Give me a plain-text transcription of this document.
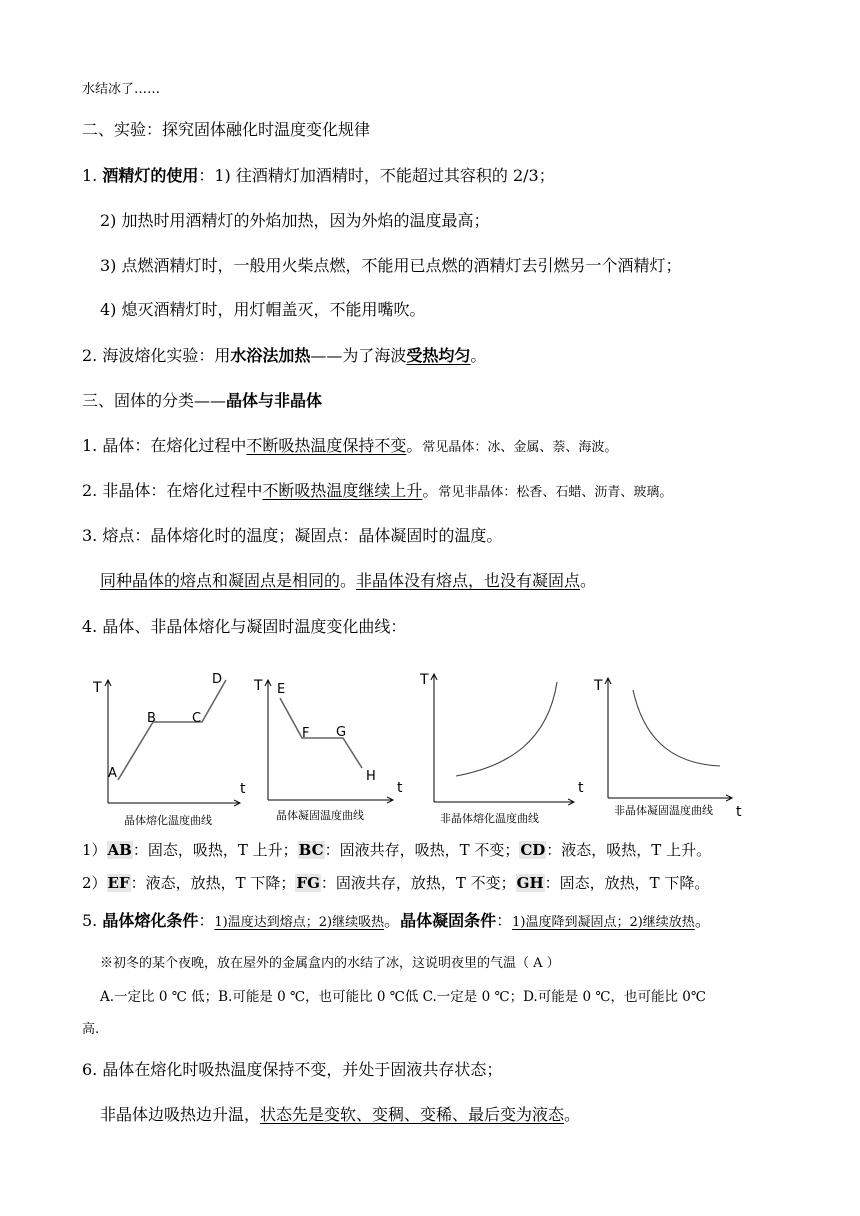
水结冰了……
二、实验：探究固体融化时温度变化规律
1. 酒精灯的使用：1) 往酒精灯加酒精时，不能超过其容积的 2/3；
2) 加热时用酒精灯的外焰加热，因为外焰的温度最高；
3) 点燃酒精灯时，一般用火柴点燃，不能用已点燃的酒精灯去引燃另一个酒精灯；
4) 熄灭酒精灯时，用灯帽盖灭，不能用嘴吹。
2. 海波熔化实验：用水浴法加热——为了海波受热均匀。
三、固体的分类——晶体与非晶体
1. 晶体：在熔化过程中不断吸热温度保持不变。常见晶体：冰、金属、萘、海波。
2. 非晶体：在熔化过程中不断吸热温度继续上升。常见非晶体：松香、石蜡、沥青、玻璃。
3. 熔点：晶体熔化时的温度；凝固点：晶体凝固时的温度。
同种晶体的熔点和凝固点是相同的。非晶体没有熔点，也没有凝固点。
4. 晶体、非晶体熔化与凝固时温度变化曲线：
T
t
A
B	C
D
晶体熔化温度曲线
T
t
E
F G
H
晶体凝固温度曲线
T
t
非晶体熔化温度曲线
T
t
非晶体凝固温度曲线
1）AB：固态，吸热，T 上升；BC：固液共存，吸热，T 不变；CD：液态，吸热，T 上升。
2）EF：液态，放热，T 下降；FG：固液共存，放热，T 不变；GH：固态，放热，T 下降。
5. 晶体熔化条件：1)温度达到熔点；2)继续吸热。晶体凝固条件：1)温度降到凝固点；2)继续放热。
※初冬的某个夜晚，放在屋外的金属盒内的水结了冰，这说明夜里的气温（ A ）
A.一定比 0 ℃ 低；B.可能是 0 ℃，也可能比 0 ℃低 C.一定是 0 ℃；D.可能是 0 ℃，也可能比 0℃
高.
6. 晶体在熔化时吸热温度保持不变，并处于固液共存状态；
非晶体边吸热边升温，状态先是变软、变稠、变稀、最后变为液态。
